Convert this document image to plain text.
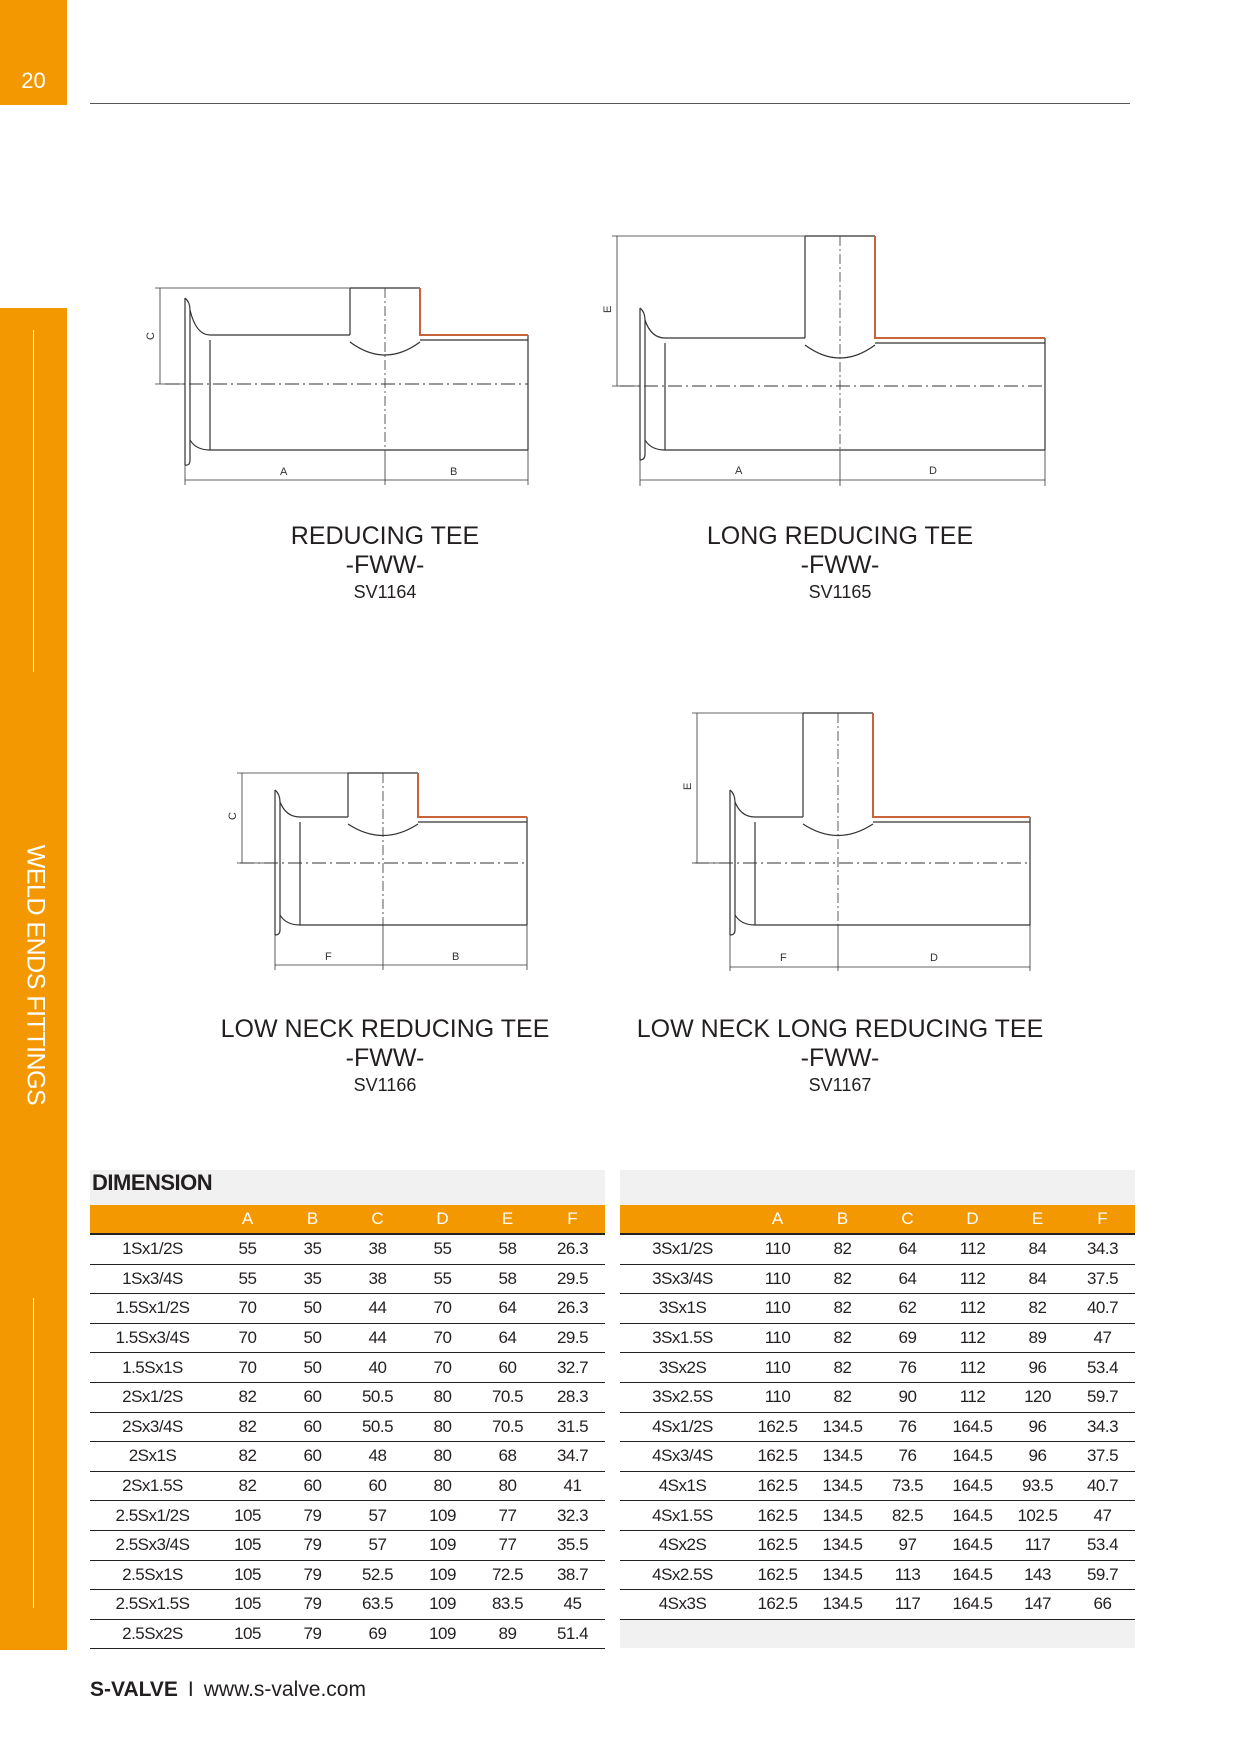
20
WELD ENDS FITTINGS
C
A	B
REDUCING TEE
-FWW-
SV1164
E
A	D
LONG REDUCING TEE
-FWW-
SV1165
C
F	B
LOW NECK REDUCING TEE
-FWW-
SV1166
E
F	D
LOW NECK LONG REDUCING TEE
-FWW-
SV1167
DIMENSION
	A	B	C	D	E	F
1Sx1/2S	55	35	38	55	58	26.3
1Sx3/4S	55	35	38	55	58	29.5
1.5Sx1/2S	70	50	44	70	64	26.3
1.5Sx3/4S	70	50	44	70	64	29.5
1.5Sx1S	70	50	40	70	60	32.7
2Sx1/2S	82	60	50.5	80	70.5	28.3
2Sx3/4S	82	60	50.5	80	70.5	31.5
2Sx1S	82	60	48	80	68	34.7
2Sx1.5S	82	60	60	80	80	41
2.5Sx1/2S	105	79	57	109	77	32.3
2.5Sx3/4S	105	79	57	109	77	35.5
2.5Sx1S	105	79	52.5	109	72.5	38.7
2.5Sx1.5S	105	79	63.5	109	83.5	45
2.5Sx2S	105	79	69	109	89	51.4
	A	B	C	D	E	F
3Sx1/2S	110	82	64	112	84	34.3
3Sx3/4S	110	82	64	112	84	37.5
3Sx1S	110	82	62	112	82	40.7
3Sx1.5S	110	82	69	112	89	47
3Sx2S	110	82	76	112	96	53.4
3Sx2.5S	110	82	90	112	120	59.7
4Sx1/2S	162.5	134.5	76	164.5	96	34.3
4Sx3/4S	162.5	134.5	76	164.5	96	37.5
4Sx1S	162.5	134.5	73.5	164.5	93.5	40.7
4Sx1.5S	162.5	134.5	82.5	164.5	102.5	47
4Sx2S	162.5	134.5	97	164.5	117	53.4
4Sx2.5S	162.5	134.5	113	164.5	143	59.7
4Sx3S	162.5	134.5	117	164.5	147	66
S-VALVE I www.s-valve.com
